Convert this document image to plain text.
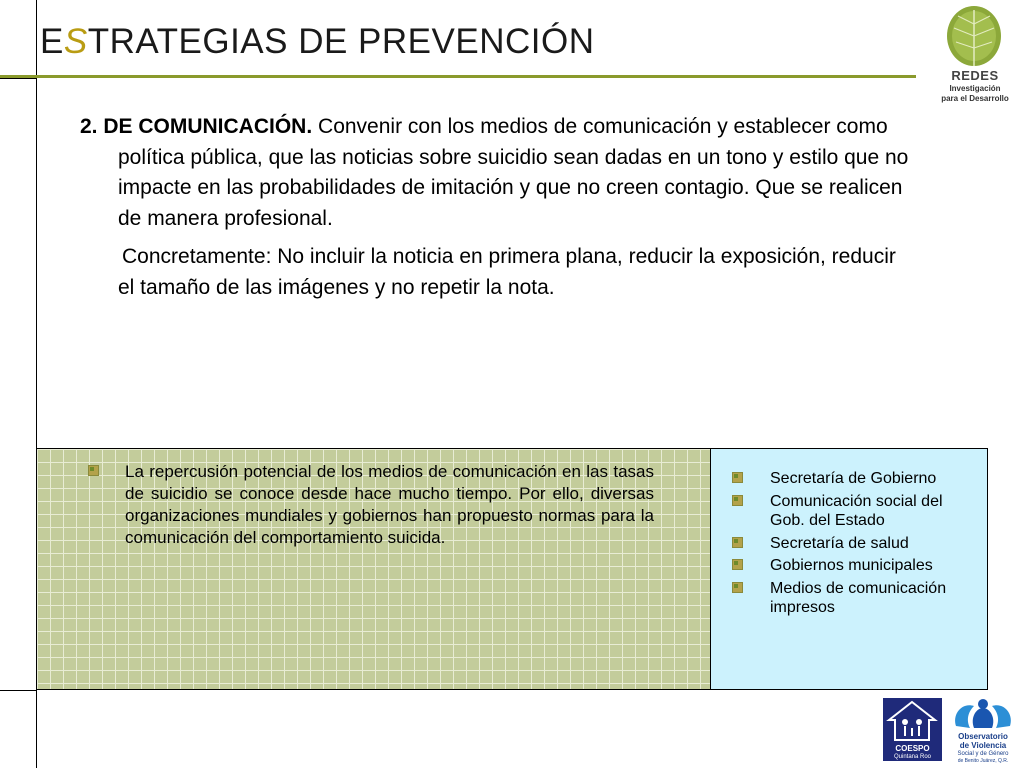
ESTRATEGIAS DE PREVENCIÓN
REDES
Investigación
para el Desarrollo

2. DE COMUNICACIÓN. Convenir con los medios de comunicación y establecer como política pública, que las noticias sobre suicidio sean dadas en un tono y estilo que no impacte en las probabilidades de imitación y que no creen contagio. Que se realicen de manera profesional.

Concretamente: No incluir la noticia en primera plana, reducir la exposición, reducir el tamaño de las imágenes y no repetir la nota.

La repercusión potencial de los medios de comunicación en las tasas de suicidio se conoce desde hace mucho tiempo. Por ello, diversas organizaciones mundiales y gobiernos han propuesto normas para la comunicación del comportamiento suicida.
Secretaría de Gobierno
Comunicación social del Gob. del Estado
Secretaría de salud
Gobiernos municipales
Medios de comunicación impresos
COESPO
Quintana Roo
Observatorio
de Violencia
Social y de Género
de Benito Juárez, Q.R.
